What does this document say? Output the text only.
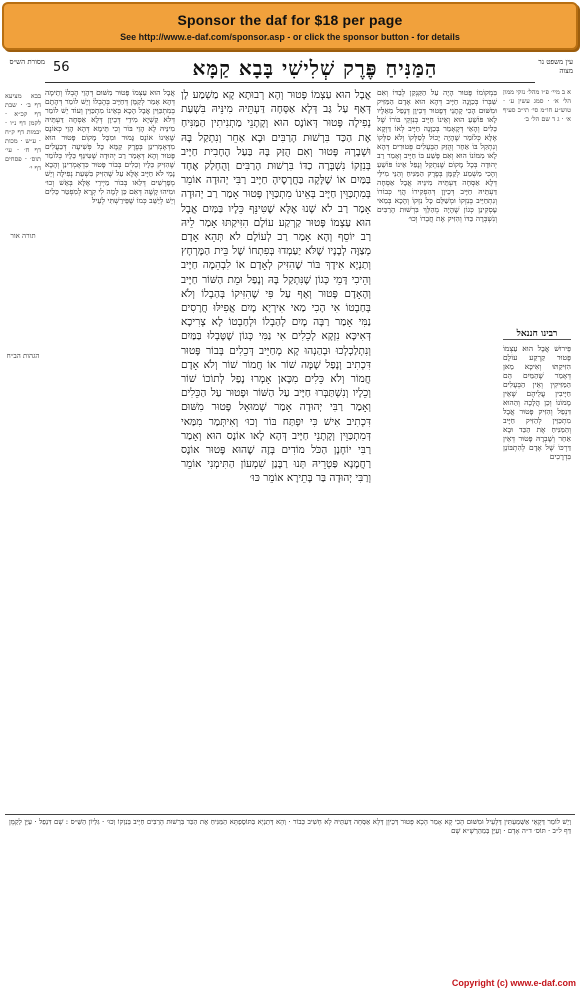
Sponsor the daf for $18 per page
See http://www.e-daf.com/sponsor.asp - or click the sponsor button - for details
מסורת הש״ס 56	הַמַּנִּיחַ פֶּרֶק שְׁלִישִׁי בָּבָא קַמָּא	עין משפט נר מצוה
בבא מציעא דף ב׳ · שבת דף קכ״א · לקמן דף נ״ו · יבמות דף ק״ח · ע״ש · מכות דף ח׳ · עי׳ תוס׳ · פסחים דף י׳
תורה אור
הגהות הב״ח
אֲבָל הוּא עַצְמוֹ פָּטוּר מִשּׁוּם דְּהָוֵי הֶבְלוֹ וְתֵימָה דְּהָא אָמַר לְקַמָּן דְּחַיָּיב בְּהֶבְלוֹ וְיֵשׁ לוֹמַר דְּהָתָם בְּמִתְכַּוֵּין אֲבָל הָכָא בְּאֵינוֹ מִתְכַּוֵּין וְעוֹד יֵשׁ לוֹמַר דְּלֹא קַשְׁיָא מִידֵי דְּכֵיוָן דְּלָא אַסְּחָה דַּעְתֵּיהּ מִינֵּיהּ לָא הָוֵי בּוֹר וְכִי תֵּימָא דְּהָא הָוֵי כְּאוֹנֶס שֶׁאֵינוֹ אוֹנֶס גָּמוּר וּמִכָּל מָקוֹם פָּטוּר הוּא מִדְּאָמְרִינַן בְּפֶרֶק קַמָּא כָּל פְּשִׁיעָה דְּבַעֲלִים פָּטוּר וְהָא דְּאָמַר רַב יְהוּדָה שֶׁטִּינֵּף כֵּלָיו כְּלוֹמַר שֶׁהִזִּיק כֵּלָיו וְכֵלִים בְּבוֹר פָּטוּר כִּדְאָמְרִינַן וְהָכָא נָמֵי לֹא חַיָּיב אֶלָּא עַל שֶׁהִזִּיק בִּשְׁעַת נְפִילָה וְיֵשׁ מְפָרְשִׁים דְּלַאו בְּבוֹר מַיְירֵי אֶלָּא בְּאֵשׁ וְכוּ׳ וּמִיהוּ קָשֶׁה דְּאִם כֵּן לְמָה לִי קְרָא לְמִפְטַר כֵּלִים וְיֵשׁ לְיַשֵּׁב כְּמוֹ שֶׁפֵּירַשְׁתִּי לְעֵיל
אֲבָל הוּא עַצְמוֹ פָּטוּר וְהָא רְבוּתָא קָא מַשְׁמַע לָן דְּאַף עַל גַּב דְּלָא אַסְּחָה דַּעְתֵּיהּ מִינֵּיהּ בִּשְׁעַת נְפִילָה פָּטוּר דְּאוֹנֶס הוּא וְקָתָנֵי מַתְנִיתִין הַמַּנִּיחַ אֶת הַכַּד בִּרְשׁוּת הָרַבִּים וּבָא אַחֵר וְנִתְקַל בָּהּ וּשְׁבָרָהּ פָּטוּר וְאִם הֻזַּק בָּהּ בַּעַל הֶחָבִית חַיָּיב בְּנִזְקוֹ נִשְׁבְּרָה כַדּוֹ בִּרְשׁוּת הָרַבִּים וְהֻחְלַק אֶחָד בַּמַּיִם אוֹ שֶׁלָּקָה בַּחֲרָסֶיהָ חַיָּיב רַבִּי יְהוּדָה אוֹמֵר בְּמִתְכַּוֵּין חַיָּיב בְּאֵינוֹ מִתְכַּוֵּין פָּטוּר אָמַר רַב יְהוּדָה אָמַר רַב לֹא שָׁנוּ אֶלָּא שֶׁטִּינֵּף כֵּלָיו בַּמַּיִם אֲבָל הוּא עַצְמוֹ פָּטוּר קַרְקַע עוֹלָם הִזִּיקַתּוּ אָמַר לֵיהּ רַב יוֹסֵף וְהָא אָמַר רַב לְעוֹלָם לֹא תְּהֵא אָדָם מְצַוֶּה לְבָנָיו שֶׁלֹּא יַעַמְדוּ בְּפִתְחוֹ שֶׁל בֵּית הַמֶּרְחָץ וְתַנְיָא אִידָךְ בּוֹר שֶׁהִזִּיק לְאָדָם אוֹ לִבְהֵמָה חַיָּיב וְהֵיכִי דָּמֵי כְּגוֹן שֶׁנִּתְקַל בָּהּ וְנָפַל וּמֵת הַשּׁוֹר חַיָּיב וְהָאָדָם פָּטוּר וְאַף עַל פִּי שֶׁהִזִּיקוֹ בְּהַבְלוֹ וְלֹא בְּחַבְטוֹ אִי הָכִי מַאי אִירְיָא מָיִם אֲפִילּוּ חֲרָסִים נַמִּי אָמַר רַבָּה מָיִם לְהַבְלוֹ וּלְחַבְטוֹ לָא צְרִיכָא דְּאִיכָּא נִזְקָא לְכֵלִים אִי נַמִּי כְּגוֹן שֶׁטָּבְלוּ בַּמַּיִם וְנִתְלַכְלְכוּ וּבְהַנְהוּ קָא מְחַיֵּיב דְּכֵלִים בְּבוֹר פָּטוּר דִּכְתִיב וְנָפַל שָׁמָּה שׁוֹר אוֹ חֲמוֹר שׁוֹר וְלֹא אָדָם חֲמוֹר וְלֹא כֵּלִים מִכָּאן אָמְרוּ נָפַל לְתוֹכוֹ שׁוֹר וְכֵלָיו וְנִשְׁתַּבְּרוּ חַיָּיב עַל הַשּׁוֹר וּפָטוּר עַל הַכֵּלִים וְאָמַר רַבִּי יְהוּדָה אָמַר שְׁמוּאֵל פָּטוּר מִשּׁוּם דִּכְתִיב אִישׁ כִּי יִפְתַּח בּוֹר וְכוּ׳ וְאִיתְּמַר מִמַּאי דְּמִתְכַּוֵּין וְקָתָנֵי חַיָּיב דְּהָא לָאו אוֹנֶס הוּא וְאָמַר רַבִּי יוֹחָנָן הַכֹּל מוֹדִים בְּזֶה שֶׁהוּא פָּטוּר אוֹנֶס רַחֲמָנָא פַּטְרֵיהּ תְּנוּ רַבָּנַן שִׁמְעוֹן הַתִּימְנִי אוֹמֵר וְרַבִּי יְהוּדָה בַּר בָּתֵירָא אוֹמֵר כּוּ׳
בִּמְקוֹמוֹ פָּטוּר הָיָה עַל הַקַּנְקַן לְבַדּוֹ וְאִם שַׁבְּרוֹ בְּכַוָּנָה חַיָּיב דְּהָא הוּא אָדָם הַמַּזִּיק וּמִשּׁוּם הָכִי קָתָנֵי דְּפָטוּר דְּכֵיוָן דְּנָפַל מֵאֵלָיו לָאו פּוֹשֵׁעַ הוּא וְאֵינוֹ חַיָּיב בְּנִזְקֵי בּוֹרוֹ שֶׁל כֵּלִים וְהָאֵי דְּקָאָמַר בְּכַוָּנָה חַיָּיב לְאוֹ דַּוְקָא אֶלָּא כְּלוֹמַר שֶׁהָיָה יָכוֹל לְסַלְּקוֹ וְלֹא סִלְּקוֹ וְנִתְקַל בּוֹ אַחֵר וְהֻזַּק הַבְּעָלִים פְּטוּרִים דְּהָא לָאו מִמּוֹנוֹ הוּא וְאִם פָּשַׁע בּוֹ חַיָּיב וְאָמַר רַב יְהוּדָה בְּכָל מָקוֹם שֶׁנִּתְקַל וְנָפַל אֵינוֹ פּוֹשֵׁעַ וְהָכִי מַשְׁמַע לְקַמָּן בְּפֶרֶק הַמַּנִּיחַ וְהַנֵּי מִילֵּי דְּלָא אַסְּחָה דַּעְתֵּיהּ מִינֵּיהּ אֲבָל אַסְּחָה דַּעְתֵּיהּ חַיָּיב דְּכֵיוָן דְּהִפְקִירוֹ הֲוֵי כְּבוֹרוֹ וְנִתְחַיֵּיב בְּנִזְקוֹ וּמְשַׁלֵּם כָּל נִזְקוֹ וְהָכָא בְּמַאי עָסְקִינַן כְּגוֹן שֶׁהָיָה מְהַלֵּךְ בִּרְשׁוּת הָרַבִּים וְנִשְׁבְּרָה כַּדּוֹ וְהִזִּיק אֶת חֲבֵרוֹ וְכוּ׳
א ב מיי׳ פ״ו מהל׳ נזקי ממון הל׳ א׳ · סמג עשין ע׳ · טוש״ע חו״מ סי׳ תי״ב סעיף א׳ · ג ד שם הל׳ ב׳
רבינו חננאל
פֵּירוּשׁ אֲבָל הוּא עַצְמוֹ פָּטוּר קַרְקַע עוֹלָם הִזִּיקַתּוּ וְאִיכָּא מַאן דְּאָמַר שֶׁהַמַּיִם הֵם הַמַּזִּיקִין וְאֵין הַבְּעָלִים חַיָּיבִין עֲלֵיהֶם שֶׁאֵין מָמוֹנוֹ וְכֵן הֲלָכָה וְהַהוּא דִּנְפַל וְהִזִּיק פָּטוּר אֲבָל מִתְכַּוֵּין לְהַזִּיק חַיָּיב וְהַמַּנִּיחַ אֶת הַכַּד וּבָא אַחֵר וְשָׁבְרָהּ פָּטוּר דְּאֵין דַּרְכּוֹ שֶׁל אָדָם לְהִתְבּוֹנֵן בִּדְרָכִים
וְיֵשׁ לוֹמַר דְּקָאֵי אַשְּׁמַעְתִּין דְּלָעֵיל וּמִשּׁוּם הָכִי קָא אָמַר הָכָא פָּטוּר דְּכֵיוָן דְּלָא אַסְּחָה דַּעְתֵּיהּ לָא חָשִׁיב כְּבוֹר · וְהָא דְּתַנְיָא בַּתּוֹסֶפְתָּא הַמַּנִּיחַ אֶת הַכַּד בִּרְשׁוּת הָרַבִּים חַיָּיב בְּנִזְקוֹ וְכוּ׳ · גִּלְיוֹן הַשַּׁ״ס : שָׁם דִּנְפַל · עַיֵּן לְקַמָּן דַּף ל״ב · תּוֹס׳ ד״ה אָדָם · וְעַיֵּן בְּמַהַרְשָׁ״א שָׁם
Copyright (c) www.e-daf.com
